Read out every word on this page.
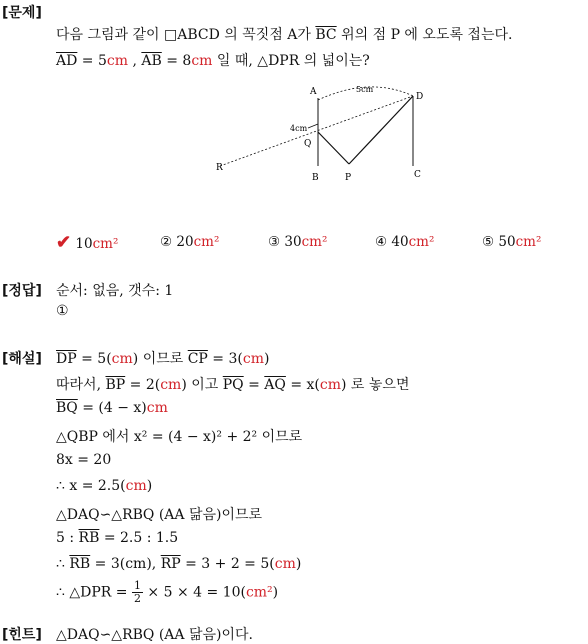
[문제]
다음 그림과 같이 □ABCD 의 꼭짓점 A가 $\overline{BC}$ 위의 점 P 에 오도록 접는다.
$\overline{AD} = 5cm$ , $\overline{AB} = 8cm$ 일 때, △DPR 의 넓이는?
A	D
B	C
P
Q
R
5cm
4cm
✔ 10cm²	② 20cm²	③ 30cm²	④ 40cm²	⑤ 50cm²
[정답] 순서: 없음, 갯수: 1
①
[해설] $\overline{DP} = 5(cm)$ 이므로 $\overline{CP} = 3(cm)$
따라서, $\overline{BP} = 2(cm)$ 이고 $\overline{PQ} = \overline{AQ} = x(cm)$ 로 놓으면
$\overline{BQ} = (4 - x)cm$
△QBP 에서 x² = (4 − x)² + 2² 이므로
8x = 20
∴ x = 2.5(cm)
△DAQ∽△RBQ (AA 닮음)이므로
5 : $\overline{RB} = 2.5$ : 1.5
∴ $\overline{RB} = 3(cm)$, $\overline{RP} = 3 + 2 = 5(cm)$
∴ △DPR = $\frac{1}{2} \times 5 \times 4 = 10(cm^2)$
[힌트] △DAQ∽△RBQ (AA 닮음)이다.
